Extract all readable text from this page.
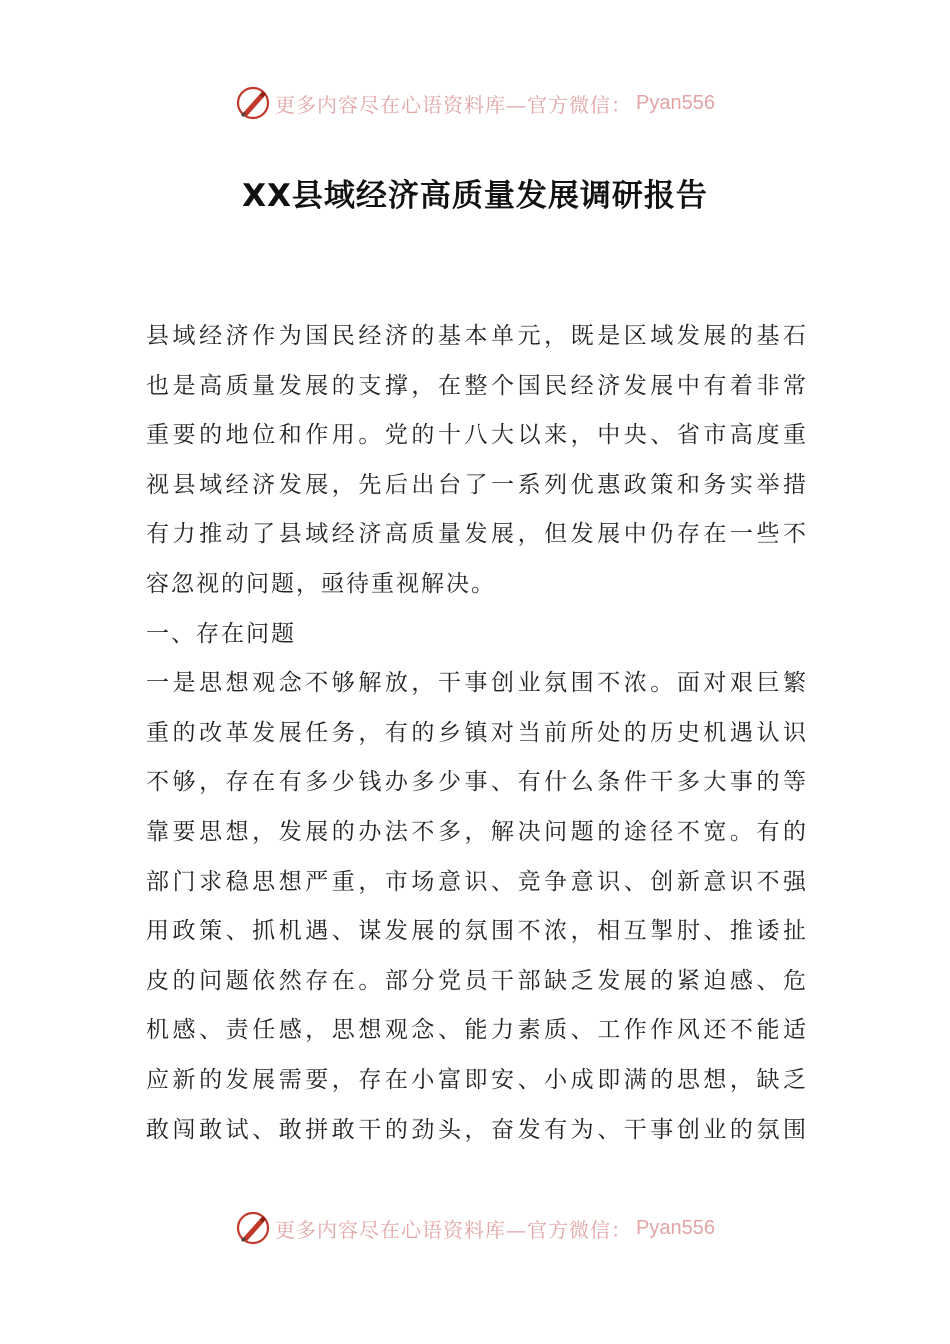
更多内容尽在心语资料库—官方微信： Pyan556
XX县域经济高质量发展调研报告
县域经济作为国民经济的基本单元，既是区域发展的基石
也是高质量发展的支撑，在整个国民经济发展中有着非常
重要的地位和作用。党的十八大以来，中央、省市高度重
视县域经济发展，先后出台了一系列优惠政策和务实举措
有力推动了县域经济高质量发展，但发展中仍存在一些不
容忽视的问题，亟待重视解决。
一、存在问题
一是思想观念不够解放，干事创业氛围不浓。面对艰巨繁
重的改革发展任务，有的乡镇对当前所处的历史机遇认识
不够，存在有多少钱办多少事、有什么条件干多大事的等
靠要思想，发展的办法不多，解决问题的途径不宽。有的
部门求稳思想严重，市场意识、竞争意识、创新意识不强
用政策、抓机遇、谋发展的氛围不浓，相互掣肘、推诿扯
皮的问题依然存在。部分党员干部缺乏发展的紧迫感、危
机感、责任感，思想观念、能力素质、工作作风还不能适
应新的发展需要，存在小富即安、小成即满的思想，缺乏
敢闯敢试、敢拼敢干的劲头，奋发有为、干事创业的氛围
更多内容尽在心语资料库—官方微信： Pyan556
